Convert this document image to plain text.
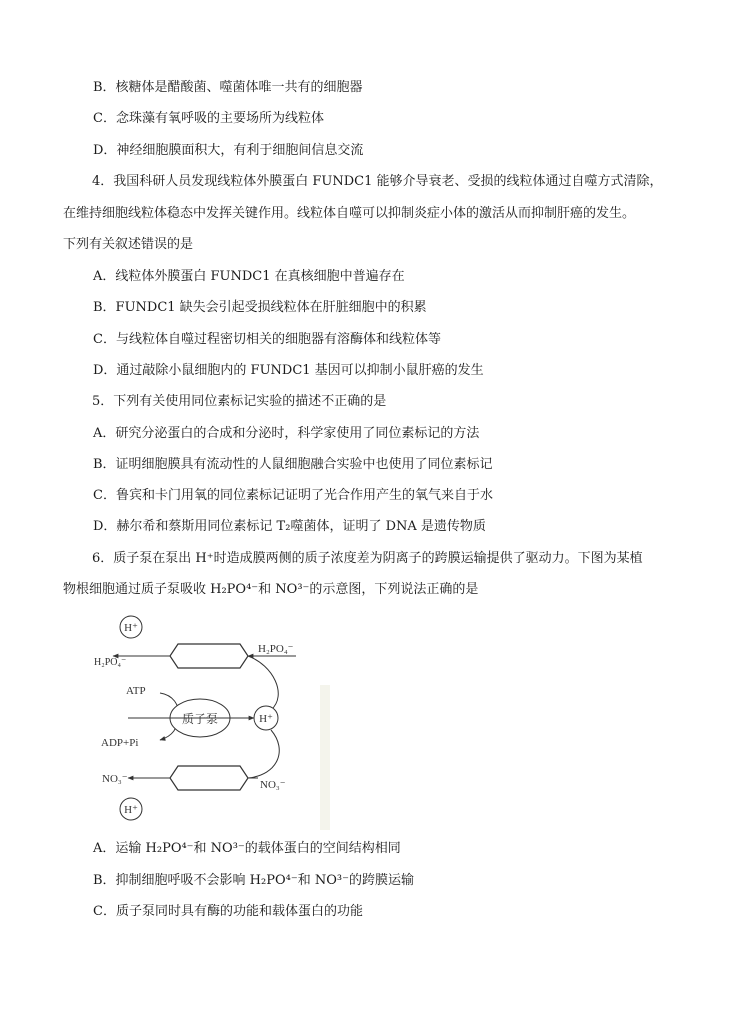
B．核糖体是醋酸菌、噬菌体唯一共有的细胞器
C．念珠藻有氧呼吸的主要场所为线粒体
D．神经细胞膜面积大，有利于细胞间信息交流
4．我国科研人员发现线粒体外膜蛋白 FUNDC1 能够介导衰老、受损的线粒体通过自噬方式清除，
在维持细胞线粒体稳态中发挥关键作用。线粒体自噬可以抑制炎症小体的激活从而抑制肝癌的发生。
下列有关叙述错误的是
A．线粒体外膜蛋白 FUNDC1 在真核细胞中普遍存在
B．FUNDC1 缺失会引起受损线粒体在肝脏细胞中的积累
C．与线粒体自噬过程密切相关的细胞器有溶酶体和线粒体等
D．通过敲除小鼠细胞内的 FUNDC1 基因可以抑制小鼠肝癌的发生
5．下列有关使用同位素标记实验的描述不正确的是
A．研究分泌蛋白的合成和分泌时，科学家使用了同位素标记的方法
B．证明细胞膜具有流动性的人鼠细胞融合实验中也使用了同位素标记
C．鲁宾和卡门用氧的同位素标记证明了光合作用产生的氧气来自于水
D．赫尔希和蔡斯用同位素标记 T₂噬菌体，证明了 DNA 是遗传物质
6．质子泵在泵出 H⁺时造成膜两侧的质子浓度差为阴离子的跨膜运输提供了驱动力。下图为某植
物根细胞通过质子泵吸收 H₂PO⁴⁻和 NO³⁻的示意图，下列说法正确的是
H⁺
H₂PO₄⁻
H₂PO₄⁻
ATP
ADP+Pi
质子泵	H⁺
NO₃⁻	NO₃⁻
H⁺
A．运输 H₂PO⁴⁻和 NO³⁻的载体蛋白的空间结构相同
B．抑制细胞呼吸不会影响 H₂PO⁴⁻和 NO³⁻的跨膜运输
C．质子泵同时具有酶的功能和载体蛋白的功能
